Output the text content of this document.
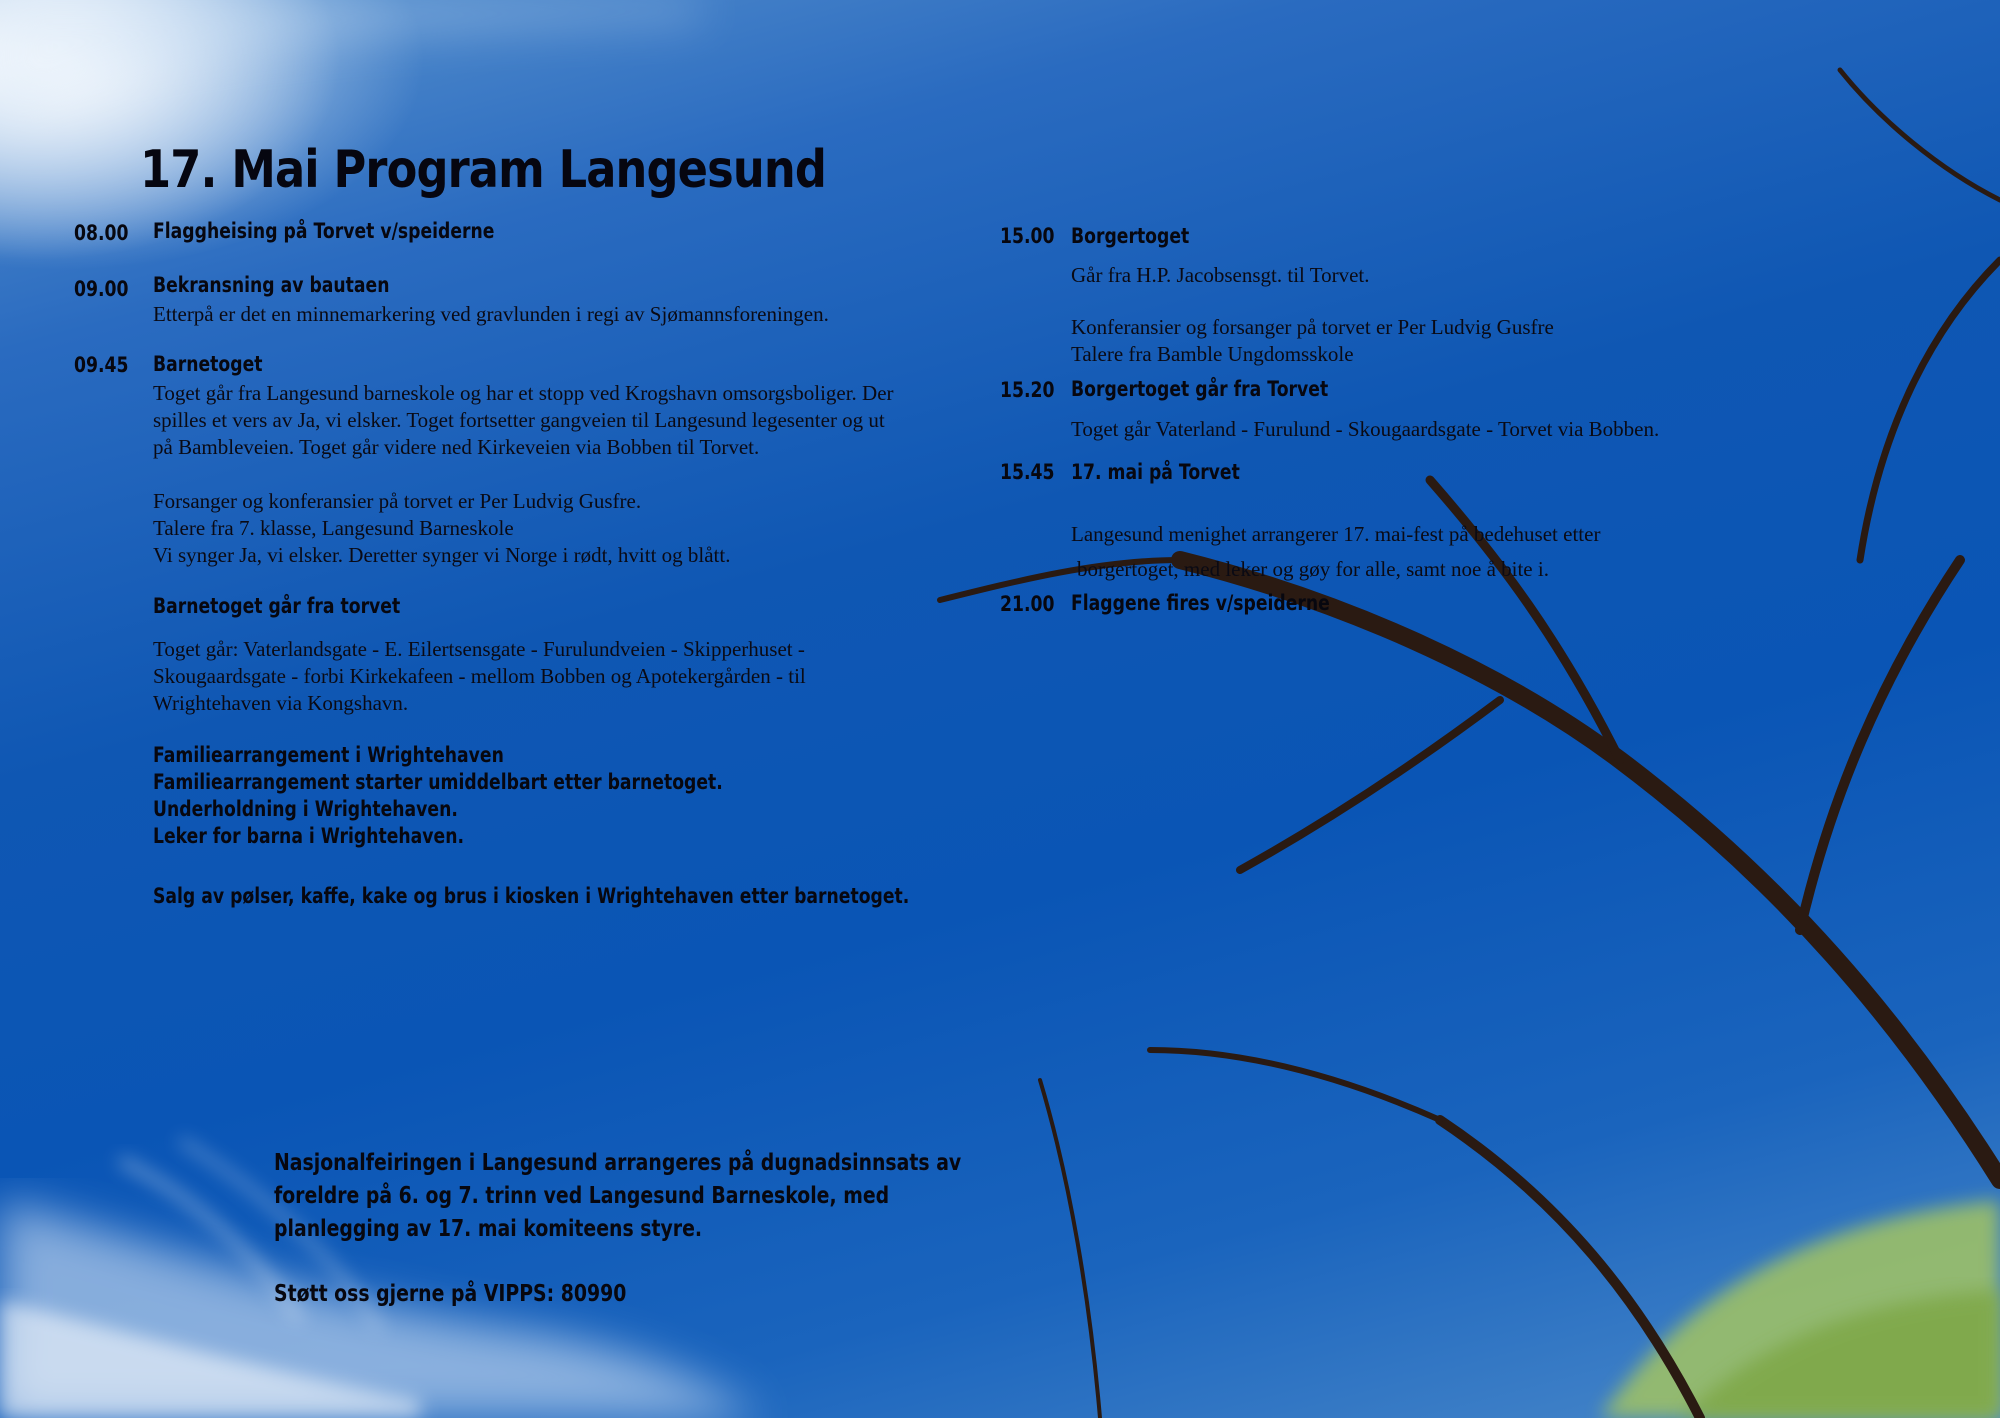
17. Mai Program Langesund
08.00 Flaggheising på Torvet v/speiderne
09.00 Bekransning av bautaen
Etterpå er det en minnemarkering ved gravlunden i regi av Sjømannsforeningen.
09.45 Barnetoget
Toget går fra Langesund barneskole og har et stopp ved Krogshavn omsorgsboliger. Der
spilles et vers av Ja, vi elsker. Toget fortsetter gangveien til Langesund legesenter og ut
på Bambleveien. Toget går videre ned Kirkeveien via Bobben til Torvet.
Forsanger og konferansier på torvet er Per Ludvig Gusfre.
Talere fra 7. klasse, Langesund Barneskole
Vi synger Ja, vi elsker. Deretter synger vi Norge i rødt, hvitt og blått.
Barnetoget går fra torvet
Toget går: Vaterlandsgate - E. Eilertsensgate - Furulundveien - Skipperhuset -
Skougaardsgate - forbi Kirkekafeen - mellom Bobben og Apotekergården - til
Wrightehaven via Kongshavn.
Familiearrangement i Wrightehaven
Familiearrangement starter umiddelbart etter barnetoget.
Underholdning i Wrightehaven.
Leker for barna i Wrightehaven.
Salg av pølser, kaffe, kake og brus i kiosken i Wrightehaven etter barnetoget.
15.00 Borgertoget
Går fra H.P. Jacobsensgt. til Torvet.
Konferansier og forsanger på torvet er Per Ludvig Gusfre
Talere fra Bamble Ungdomsskole
15.20 Borgertoget går fra Torvet
Toget går Vaterland - Furulund - Skougaardsgate - Torvet via Bobben.
15.45 17. mai på Torvet
Langesund menighet arrangerer 17. mai-fest på bedehuset etter
borgertoget, med leker og gøy for alle, samt noe å bite i.
21.00 Flaggene fires v/speiderne
Nasjonalfeiringen i Langesund arrangeres på dugnadsinnsats av
foreldre på 6. og 7. trinn ved Langesund Barneskole, med
planlegging av 17. mai komiteens styre.
Støtt oss gjerne på VIPPS: 80990
